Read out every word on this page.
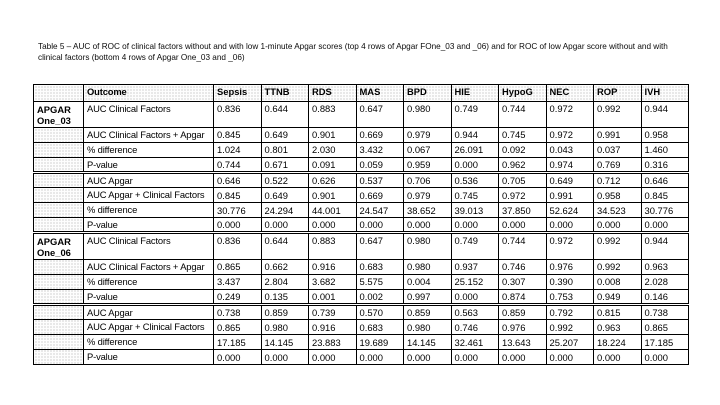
Table 5 – AUC of ROC of clinical factors without and with low 1-minute Apgar scores (top 4 rows of Apgar FOne_03 and _06) and for ROC of low Apgar score without and with clinical factors (bottom 4 rows of Apgar One_03 and _06)
	Outcome	Sepsis	TTNB	RDS	MAS	BPD	HIE	HypoG	NEC	ROP	IVH
APGAR One_03	AUC Clinical Factors	0.836	0.644	0.883	0.647	0.980	0.749	0.744	0.972	0.992	0.944
	AUC Clinical Factors + Apgar	0.845	0.649	0.901	0.669	0.979	0.944	0.745	0.972	0.991	0.958
	% difference	1.024	0.801	2.030	3.432	0.067	26.091	0.092	0.043	0.037	1.460
	P-value	0.744	0.671	0.091	0.059	0.959	0.000	0.962	0.974	0.769	0.316
	AUC Apgar	0.646	0.522	0.626	0.537	0.706	0.536	0.705	0.649	0.712	0.646
	AUC Apgar + Clinical Factors	0.845	0.649	0.901	0.669	0.979	0.745	0.972	0.991	0.958	0.845
	% difference	30.776	24.294	44.001	24.547	38.652	39.013	37.850	52.624	34.523	30.776
	P-value	0.000	0.000	0.000	0.000	0.000	0.000	0.000	0.000	0.000	0.000
APGAR One_06	AUC Clinical Factors	0.836	0.644	0.883	0.647	0.980	0.749	0.744	0.972	0.992	0.944
	AUC Clinical Factors + Apgar	0.865	0.662	0.916	0.683	0.980	0.937	0.746	0.976	0.992	0.963
	% difference	3.437	2.804	3.682	5.575	0.004	25.152	0.307	0.390	0.008	2.028
	P-value	0.249	0.135	0.001	0.002	0.997	0.000	0.874	0.753	0.949	0.146
	AUC Apgar	0.738	0.859	0.739	0.570	0.859	0.563	0.859	0.792	0.815	0.738
	AUC Apgar + Clinical Factors	0.865	0.980	0.916	0.683	0.980	0.746	0.976	0.992	0.963	0.865
	% difference	17.185	14.145	23.883	19.689	14.145	32.461	13.643	25.207	18.224	17.185
	P-value	0.000	0.000	0.000	0.000	0.000	0.000	0.000	0.000	0.000	0.000
